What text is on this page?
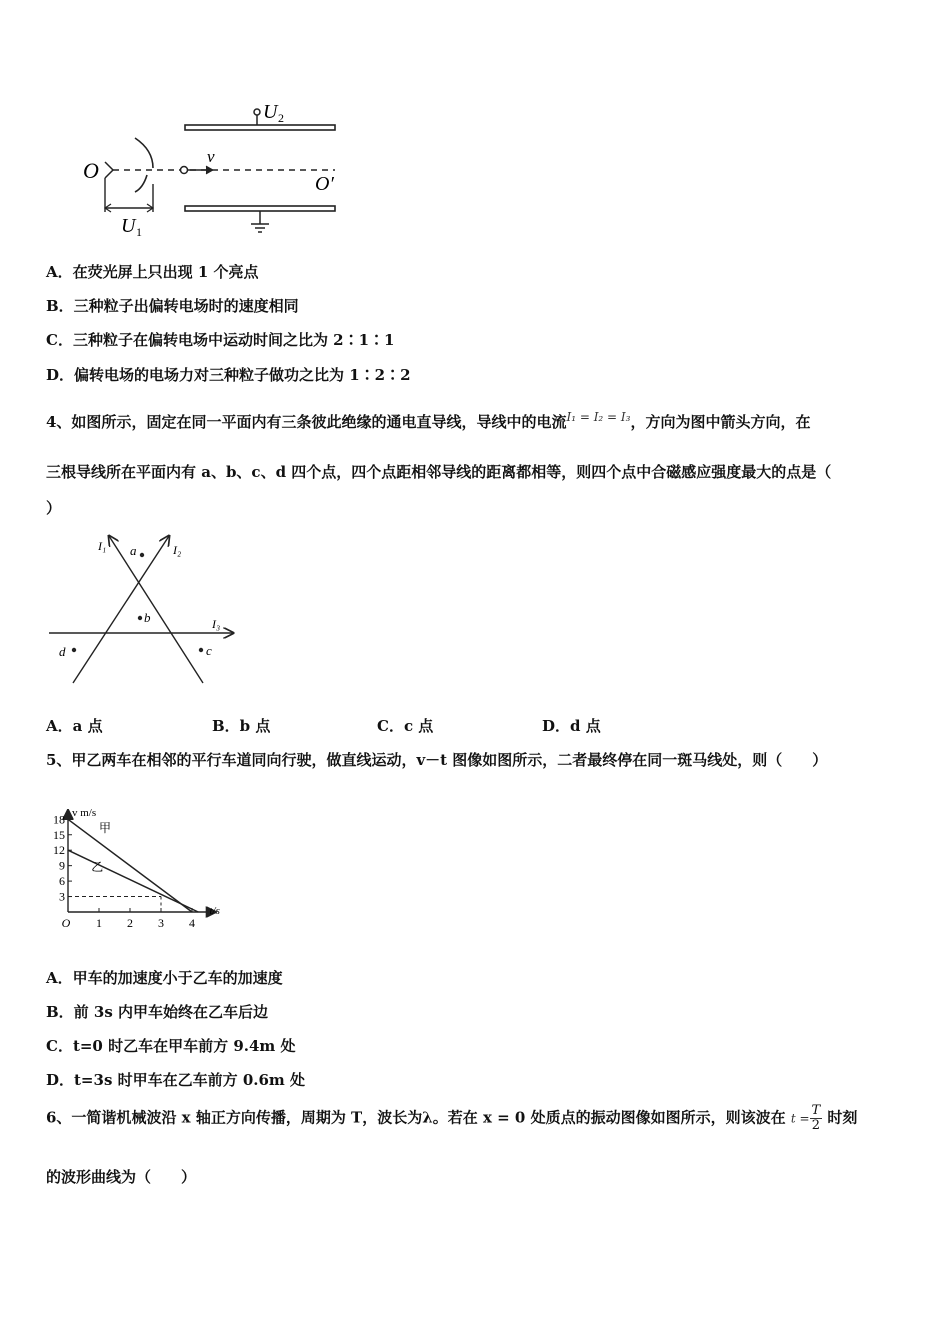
U 2
O
U 1
v
O′
A．在荧光屏上只出现 1 个亮点
B．三种粒子出偏转电场时的速度相同
C．三种粒子在偏转电场中运动时间之比为 2∶1∶1
D．偏转电场的电场力对三种粒子做功之比为 1∶2∶2
4、如图所示，固定在同一平面内有三条彼此绝缘的通电直导线，导线中的电流$^{I_1 = I_2 = I_3}$，方向为图中箭头方向，在
三根导线所在平面内有 a、b、c、d 四个点，四个点距相邻导线的距离都相等，则四个点中合磁感应强度最大的点是（
）
I₁	I₂
I₃
a
b
d	c
A．a 点	B．b 点	C．c 点	D．d 点
5、甲乙两车在相邻的平行车道同向行驶，做直线运动，v－t 图像如图所示，二者最终停在同一斑马线处，则（　　）
3
6
9
12
15
18
O 1 2 3 4
v m/s
t/s
甲
乙
A．甲车的加速度小于乙车的加速度
B．前 3s 内甲车始终在乙车后边
C．t=0 时乙车在甲车前方 9.4m 处
D．t=3s 时甲车在乙车前方 0.6m 处
6、一简谐机械波沿 x 轴正方向传播，周期为 T，波长为λ。若在 x = 0 处质点的振动图像如图所示，则该波在 $t = \frac{T}{2}$ 时刻
的波形曲线为（　　）
